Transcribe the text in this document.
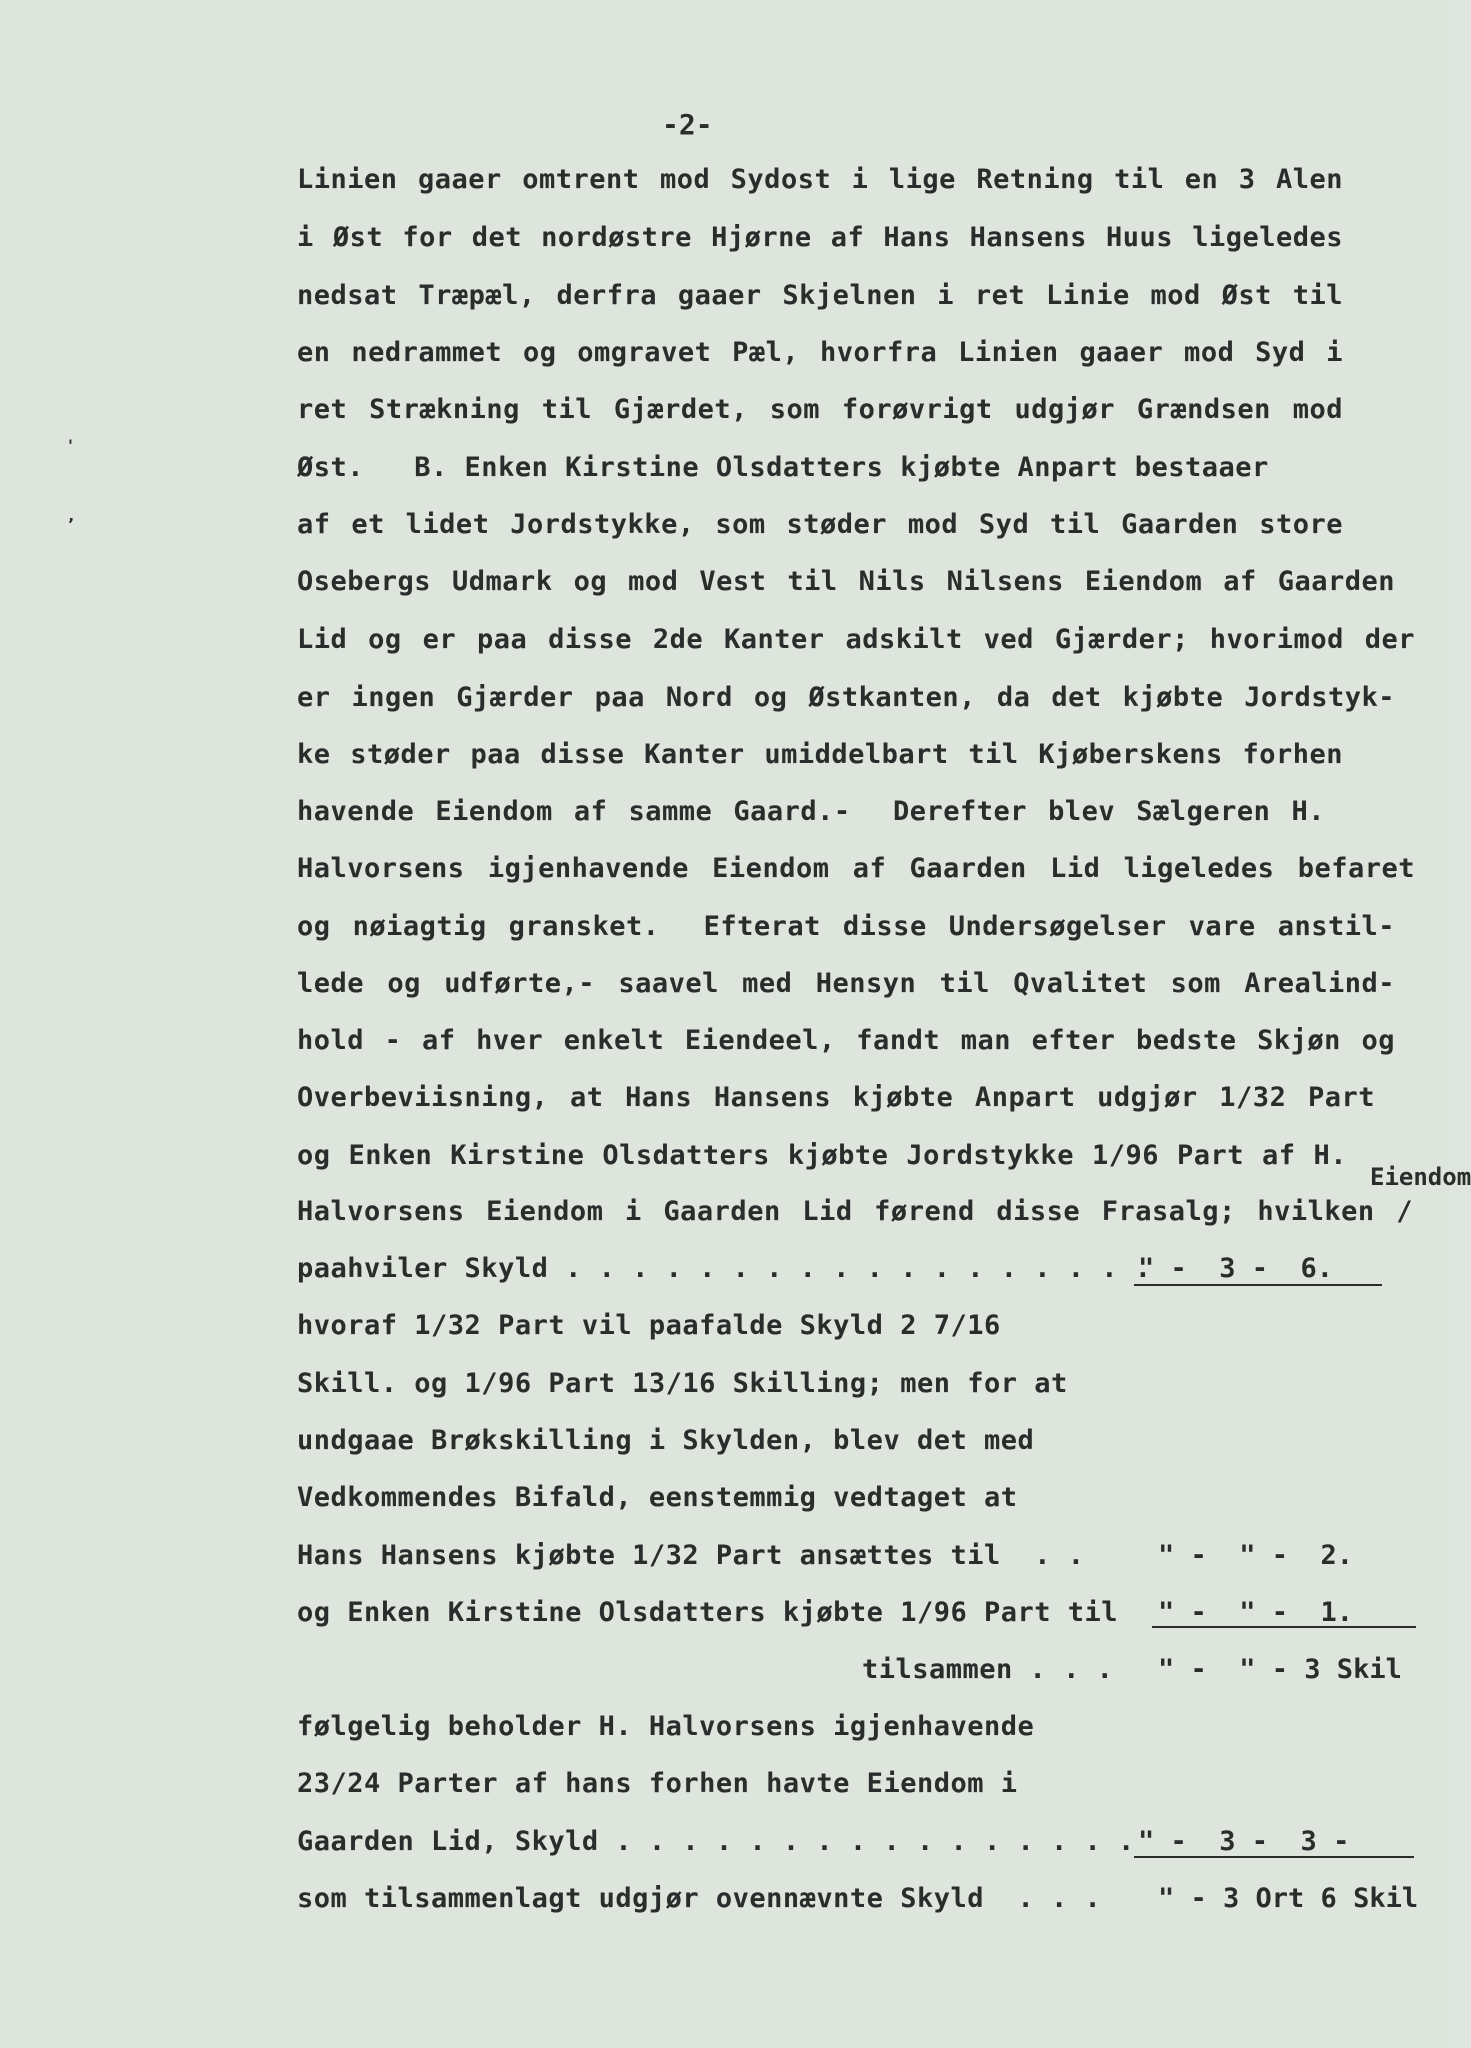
-2-
'
‚
Linien gaaer omtrent mod Sydost i lige Retning til en 3 Alen
i Øst for det nordøstre Hjørne af Hans Hansens Huus ligeledes
nedsat Træpæl, derfra gaaer Skjelnen i ret Linie mod Øst til
en nedrammet og omgravet Pæl, hvorfra Linien gaaer mod Syd i
ret Strækning til Gjærdet, som forøvrigt udgjør Grændsen mod
Øst.   B. Enken Kirstine Olsdatters kjøbte Anpart bestaaer
af et lidet Jordstykke, som støder mod Syd til Gaarden store
Osebergs Udmark og mod Vest til Nils Nilsens Eiendom af Gaarden
Lid og er paa disse 2de Kanter adskilt ved Gjærder; hvorimod der
er ingen Gjærder paa Nord og Østkanten, da det kjøbte Jordstyk-
ke støder paa disse Kanter umiddelbart til Kjøberskens forhen
havende Eiendom af samme Gaard.-  Derefter blev Sælgeren H.
Halvorsens igjenhavende Eiendom af Gaarden Lid ligeledes befaret
og nøiagtig gransket.  Efterat disse Undersøgelser vare anstil-
lede og udførte,- saavel med Hensyn til Qvalitet som Arealind-
hold - af hver enkelt Eiendeel, fandt man efter bedste Skjøn og
Overbeviisning, at Hans Hansens kjøbte Anpart udgjør 1/32 Part
og Enken Kirstine Olsdatters kjøbte Jordstykke 1/96 Part af H.
Eiendom
Halvorsens Eiendom i Gaarden Lid førend disse Frasalg; hvilken /
paahviler Skyld . . . . . . . . . . . . . . . . . .
" -  3 -  6.
hvoraf 1/32 Part vil paafalde Skyld 2 7/16
Skill. og 1/96 Part 13/16 Skilling; men for at
undgaae Brøkskilling i Skylden, blev det med
Vedkommendes Bifald, eenstemmig vedtaget at
Hans Hansens kjøbte 1/32 Part ansættes til  . .	" -  " -  2.
og Enken Kirstine Olsdatters kjøbte 1/96 Part til " -  " -  1.
tilsammen . . . " -  " - 3 Skil
følgelig beholder H. Halvorsens igjenhavende
23/24 Parter af hans forhen havte Eiendom i
Gaarden Lid, Skyld . . . . . . . . . . . . . . . . " -  3 -  3 -
som tilsammenlagt udgjør ovennævnte Skyld  . . . " - 3 Ort 6 Skil
